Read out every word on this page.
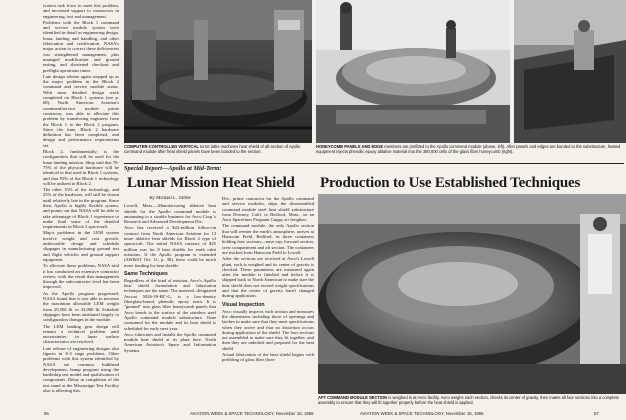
ivation task force to meet this problem, and increased support to contractors in engineering, test and management.

Problems with the Block 1 command and service module system were identified in detail as engineering design, lunar, landing and handling, and other fabrication and certification. NASA's major action to correct these deficiencies was strengthened management, plus managed modification and ground testing, and shortened checkout and preflight operations times.

Late design release again cropped up as the major problem in the Block 2 command and service module status. With most detailed design work completed on Block 1 systems (see p. 68), North American Aviation's command/service module prime contractor, was able to alleviate this problem by transferring engineers from the Block 1 to the Block 2 program. Since the time, Block 2 hardware definition has been completed, and design and performance requirements set.

Block 2, fundamentally, is the configuration that will be used for the lunar landing mission. Shop said that 70-75% of the physical hardware will be identical to that used in Block 1 systems, and that 95% of the Block 1 technology will be utilized in Block 2.

The other 15% of the technology, and 25% of the hardware, will still be frozen until relatively late in the program. Since then, Apollo is highly flexible system, and points out that NASA will be able to take advantage of Block 1 experience to make final some of the detailed requirements in Block 2 spacecraft.

Major problems in the LEM system involve weight and cost growth, unfavorable design and schedule slippages in manufacturing ground test and flight vehicles and ground support equipment.

To alleviate these problems, NASA said it has conducted an extensive contractor review, with the result that management through the subcontractor level has been improved.

As the Apollo program progressed, NASA found that it was able to increase the maximum allowable LEM weight from 29,500 lb. to 32,000 lb. Schedule slippages have been attributed largely to configuration changes in the module.

The LEM landing gear design will remain a technical problem until uncertainties in lunar surface characteristics are resolved.

Late release of engineering designs also figures in S-2 stage problems. Other problems with this system identified by NASA are common bulkhead development, hump program using the battleship test model and qualification of components. Delay in completion of the test stand at the Mississippi Test Facility also is affecting this.

COMPUTER-CONTROLLED VERTICAL turret lathe machines heat shield of aft section of Apollo command module after heat shield panels have been bonded to the section.
HONEYCOMB PANELS AND EDGE members are prefitted to the Apollo command module (above, left). After panels and edges are bonded to the substructure, heated equipment injects phenolic epoxy ablative material into the 380,000 cells of the glass fiber honeycomb (right).
Special Report—Apollo at Mid-Term:
Lunar Mission Heat Shield Production to Use Established Techniques

By Michael L. Yaffee

Lowell, Mass.—Manufacturing ablative heat shields for the Apollo command module is amounting to a sizable business for Avco Corp.'s Research and Advanced Development Div.

Avco has received a $22-million follow-on contract from North American Aviation for 13 more ablative heat shields for Block 2 type of spacecraft. The initial NASA contract of $25 million was for 8 heat shields for earth orbit missions. If the Apollo program is extended (AW&ST Oct. 11, p. 38), there could be much more funding for heat shields.

Same Techniques

Regardless of the kind of mission, Avco's Apollo heat shield formulation and fabrication techniques are the same. The material, designated Avcoat 5026-39-HC-G, is a low-density fiberglass-based, phenolic epoxy resin. It is "gunned" into glass fiber honeycomb panels that Avco bonds to the surface of the stainless steel Apollo command module substructure. Time consumed for the module and its heat shield is scheduled for early next year.

Avco fabricates and installs the Apollo command module heat shield at its plant here. North American Aviation's Space and Information Systems

Div., prime contractor for the Apollo command and service modules, ships the disassembled command module steel heat shield substructure from Downey, Calif. to Bedford, Mass., on an Aero Spacelines Pregnant Guppy air freighter.

The command module, the only Apollo section that will reenter the earth's atmosphere, arrives at Hanscom Field, Bedford, in three containers holding four sections—nose cap, forward section, crew compartment and aft section. The containers are trucked from Hanscom Field to Lowell.

After the sections are received at Avco's Lowell plant, each is weighed and its center of gravity is checked. These parameters are measured again after the module is finished and before it is shipped back to North American to make sure the heat shield does not exceed weight specifications and that the center of gravity hasn't changed during application.

Visual Inspection

Avco visually inspects each section and measures the dimensions including those of openings and latches to make sure that they meet specifications when they arrive and that no distortion occurs during application of the shield. The four sections are assembled to make sure they fit together, and then they are unbolted and prepared for the heat shield.

Actual fabrication of the heat shield begins with prefitting of glass fiber (hon-

AFT COMMAND MODULE SECTION is weighed in at Avco facility. Avco weighs each section, checks its center of gravity, then mates all four sections into a complete assembly to ensure that they will fit together properly before the heat shield is applied.
56	AVIATION WEEK & SPACE TECHNOLOGY, November 15, 1965	AVIATION WEEK & SPACE TECHNOLOGY, November 15, 1965	57
